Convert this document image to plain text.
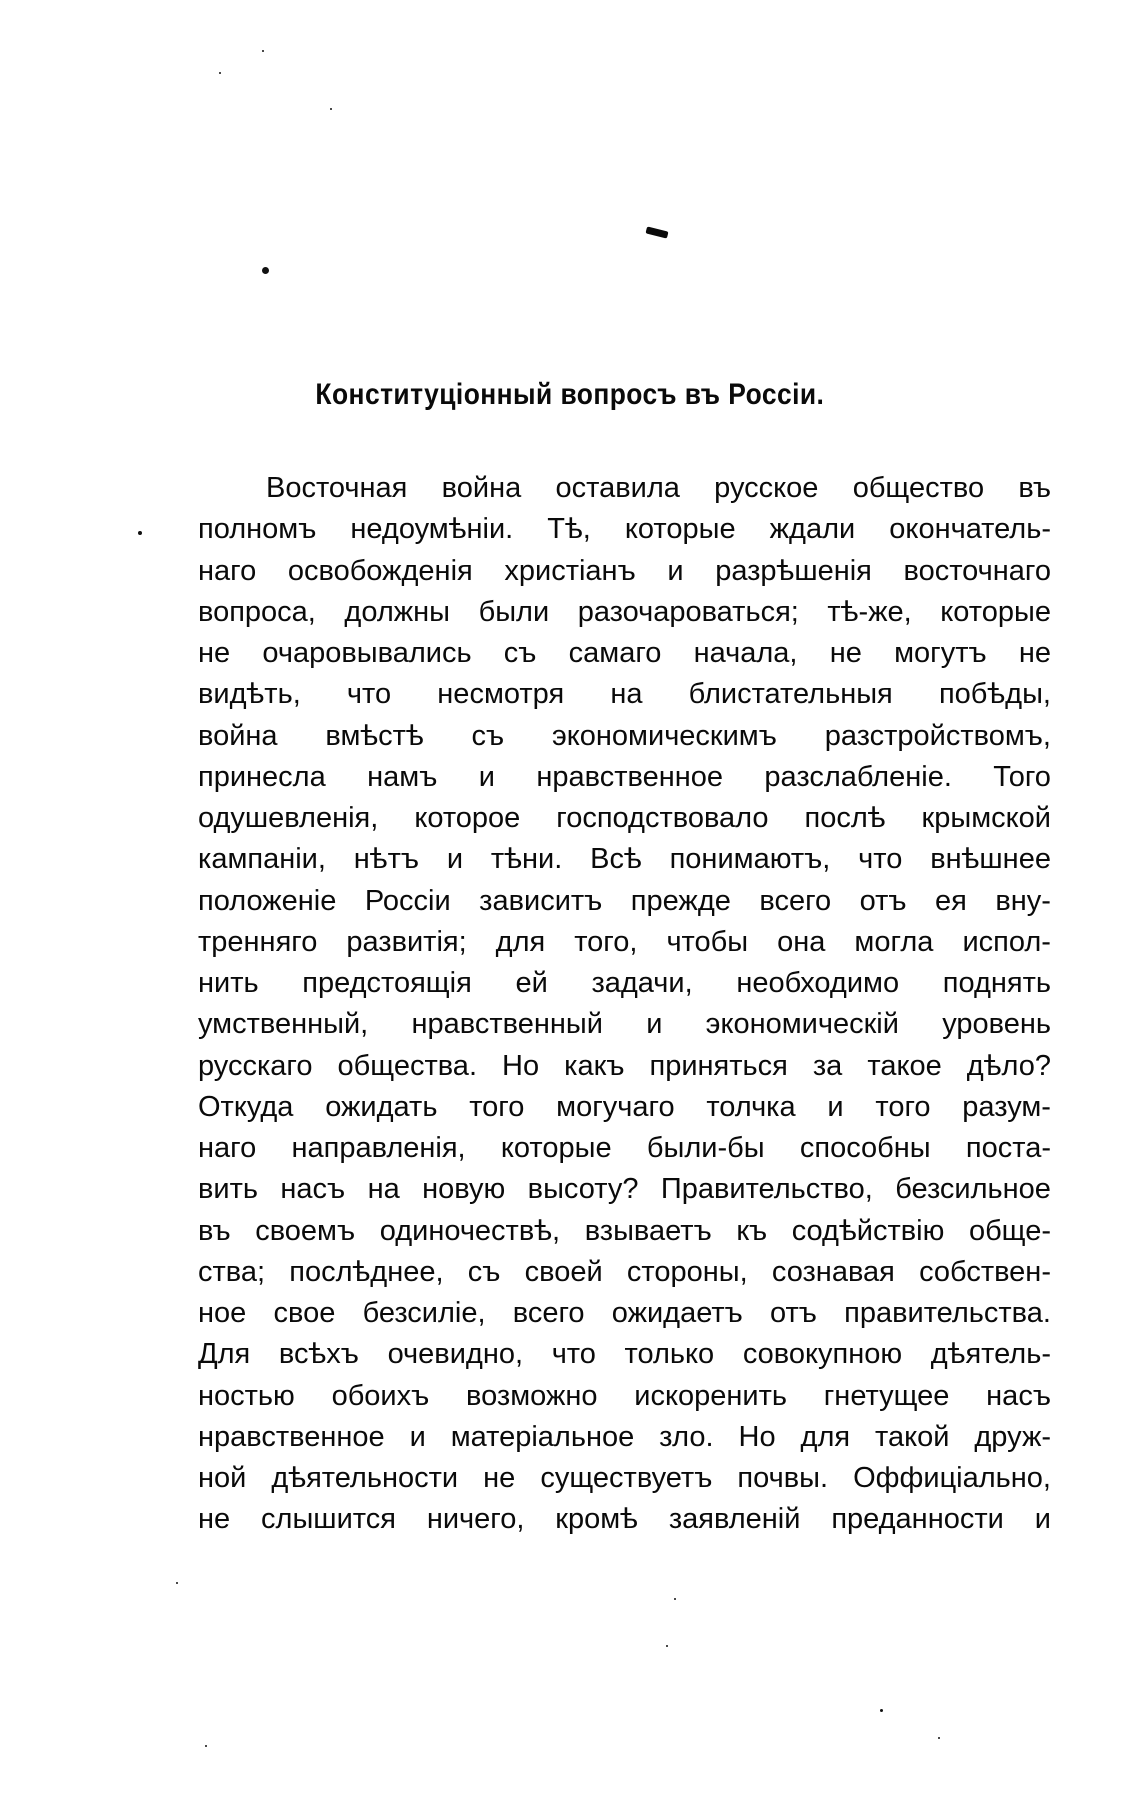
Конституціонный вопросъ въ Россіи.
Восточная война оставила русское общество въ
полномъ недоумѣніи. Тѣ, которые ждали окончатель-
наго освобожденія христіанъ и разрѣшенія восточнаго
вопроса, должны были разочароваться; тѣ-же, которые
не очаровывались съ самаго начала, не могутъ не
видѣть, что несмотря на блистательныя побѣды,
война вмѣстѣ съ экономическимъ разстройствомъ,
принесла намъ и нравственное разслабленіе. Того
одушевленія, которое господствовало послѣ крымской
кампаніи, нѣтъ и тѣни. Всѣ понимаютъ, что внѣшнее
положеніе Россіи зависитъ прежде всего отъ ея вну-
тренняго развитія; для того, чтобы она могла испол-
нить предстоящія ей задачи, необходимо поднять
умственный, нравственный и экономическій уровень
русскаго общества. Но какъ приняться за такое дѣло?
Откуда ожидать того могучаго толчка и того разум-
наго направленія, которые были-бы способны поста-
вить насъ на новую высоту? Правительство, безсильное
въ своемъ одиночествѣ, взываетъ къ содѣйствію обще-
ства; послѣднее, съ своей стороны, сознавая собствен-
ное свое безсиліе, всего ожидаетъ отъ правительства.
Для всѣхъ очевидно, что только совокупною дѣятель-
ностью обоихъ возможно искоренить гнетущее насъ
нравственное и матеріальное зло. Но для такой друж-
ной дѣятельности не существуетъ почвы. Оффиціально,
не слышится ничего, кромѣ заявленій преданности и
